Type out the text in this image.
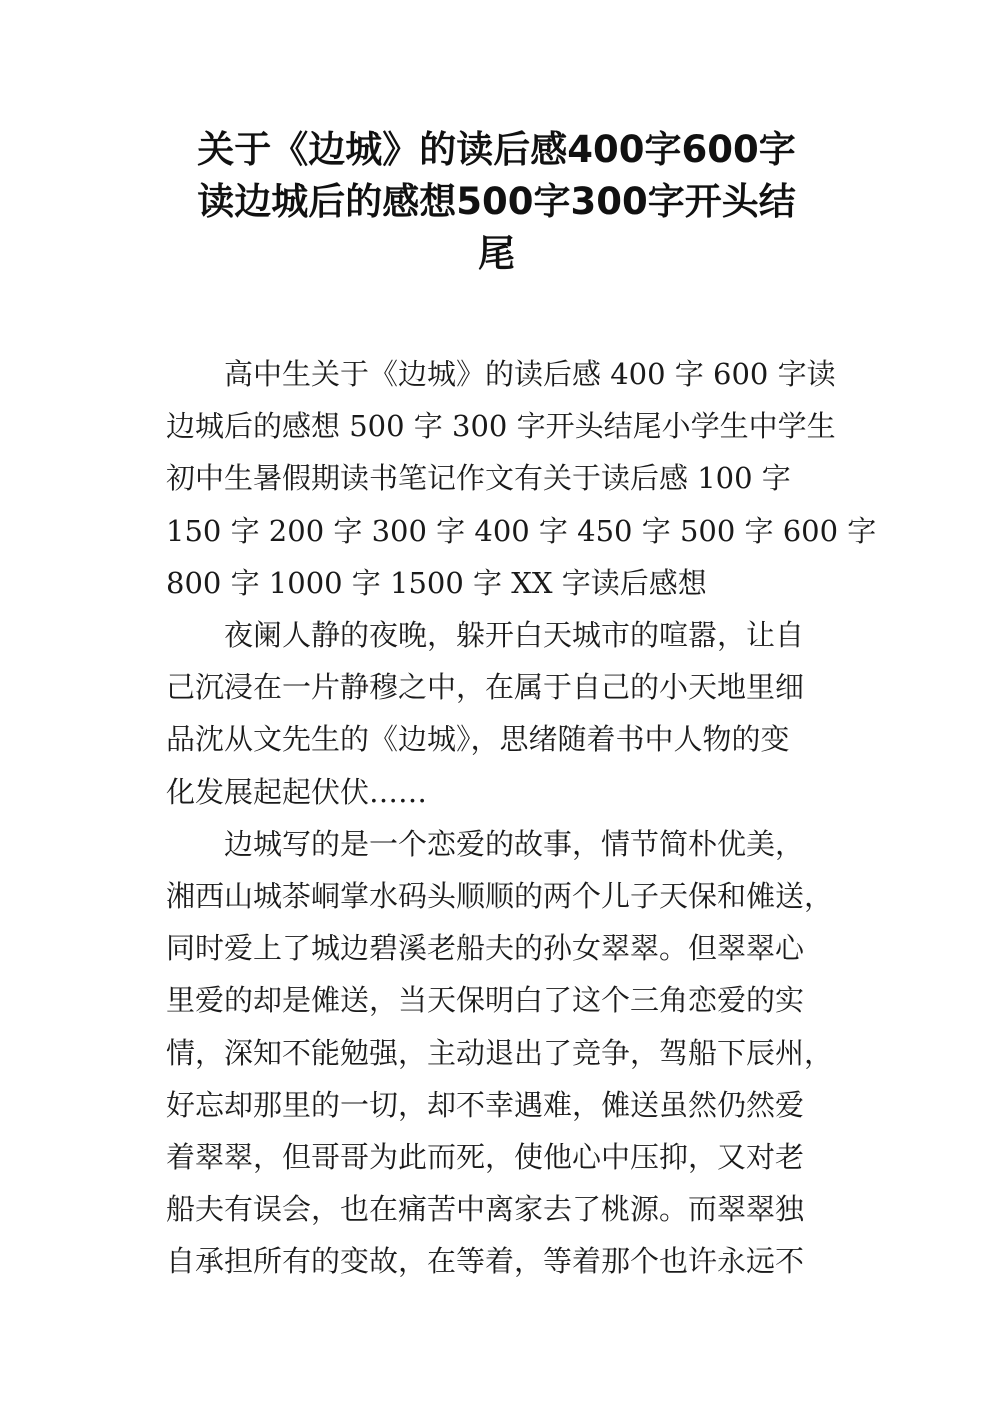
关于《边城》的读后感400字600字
读边城后的感想500字300字开头结
尾

高中生关于《边城》的读后感 400 字 600 字读
边城后的感想 500 字 300 字开头结尾小学生中学生
初中生暑假期读书笔记作文有关于读后感 100 字
150 字 200 字 300 字 400 字 450 字 500 字 600 字
800 字 1000 字 1500 字 XX 字读后感想

夜阑人静的夜晚，躲开白天城市的喧嚣，让自
己沉浸在一片静穆之中，在属于自己的小天地里细
品沈从文先生的《边城》，思绪随着书中人物的变
化发展起起伏伏……

边城写的是一个恋爱的故事，情节简朴优美，
湘西山城茶峒掌水码头顺顺的两个儿子天保和傩送，
同时爱上了城边碧溪老船夫的孙女翠翠。但翠翠心
里爱的却是傩送，当天保明白了这个三角恋爱的实
情，深知不能勉强，主动退出了竞争，驾船下辰州，
好忘却那里的一切，却不幸遇难，傩送虽然仍然爱
着翠翠，但哥哥为此而死，使他心中压抑，又对老
船夫有误会，也在痛苦中离家去了桃源。而翠翠独
自承担所有的变故，在等着，等着那个也许永远不
